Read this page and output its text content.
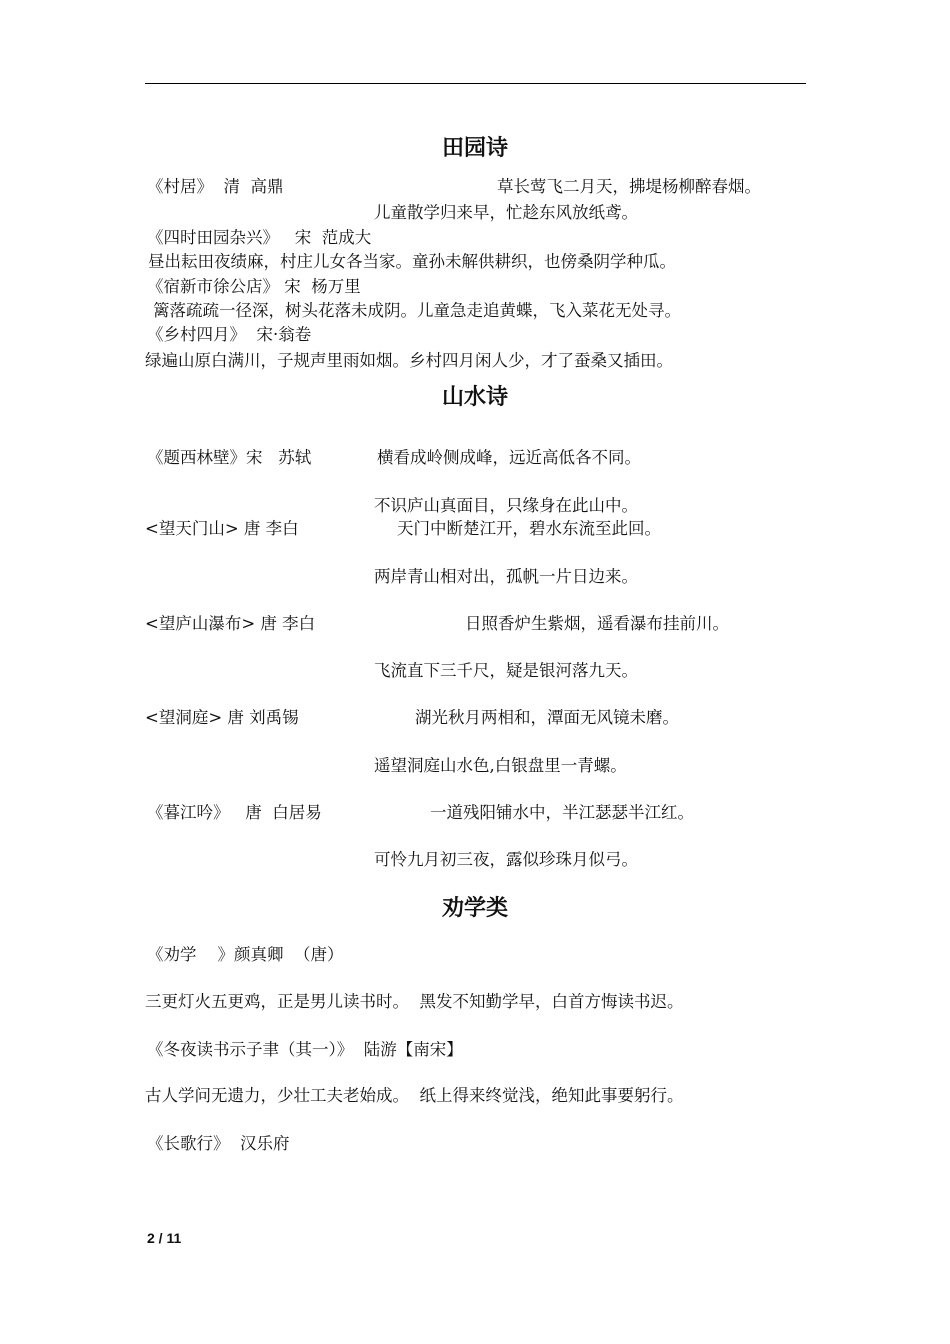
田园诗
《村居》  清  高鼎	草长莺飞二月天，拂堤杨柳醉春烟。
儿童散学归来早，忙趁东风放纸鸢。
《四时田园杂兴》   宋  范成大
昼出耘田夜绩麻，村庄儿女各当家。童孙未解供耕织，也傍桑阴学种瓜。
《宿新市徐公店》 宋  杨万里
篱落疏疏一径深，树头花落未成阴。儿童急走追黄蝶，飞入菜花无处寻。
《乡村四月》  宋·翁卷
绿遍山原白满川，子规声里雨如烟。乡村四月闲人少，才了蚕桑又插田。
山水诗
《题西林壁》宋   苏轼	横看成岭侧成峰，远近高低各不同。
不识庐山真面目，只缘身在此山中。
<望天门山> 唐 李白	天门中断楚江开，碧水东流至此回。
两岸青山相对出，孤帆一片日边来。
<望庐山瀑布> 唐 李白	日照香炉生紫烟，遥看瀑布挂前川。
飞流直下三千尺，疑是银河落九天。
<望洞庭> 唐 刘禹锡	湖光秋月两相和，潭面无风镜未磨。
遥望洞庭山水色,白银盘里一青螺。
《暮江吟》   唐  白居易	一道残阳铺水中，半江瑟瑟半江红。
可怜九月初三夜，露似珍珠月似弓。
劝学类
《劝学    》颜真卿  （唐）
三更灯火五更鸡，正是男儿读书时。  黑发不知勤学早，白首方悔读书迟。
《冬夜读书示子聿（其一）》  陆游【南宋】
古人学问无遗力，少壮工夫老始成。  纸上得来终觉浅，绝知此事要躬行。
《长歌行》  汉乐府
2 / 11
